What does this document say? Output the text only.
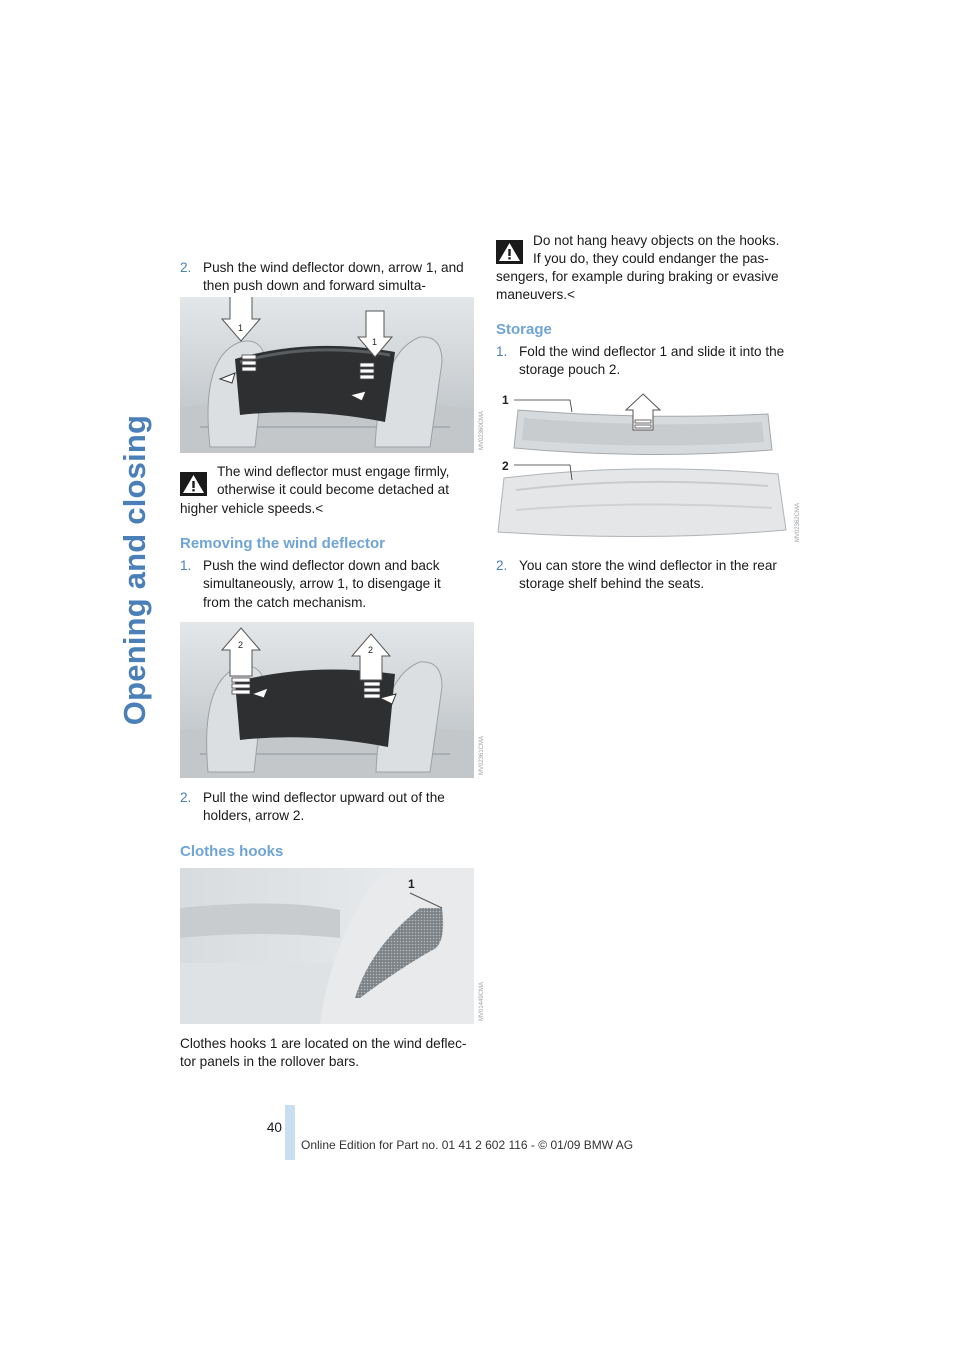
Opening and closing
2. Push the wind deflector down, arrow 1, and
then push down and forward simulta-
1
1
MV02360CMA
The wind deflector must engage firmly,
otherwise it could become detached at
higher vehicle speeds.<
Removing the wind deflector
1. Push the wind deflector down and back
simultaneously, arrow 1, to disengage it
from the catch mechanism.
2	2
MV02361CMA
2. Pull the wind deflector upward out of the
holders, arrow 2.
Clothes hooks
1
MV01449CMA
Clothes hooks 1 are located on the wind deflec-
tor panels in the rollover bars.
Do not hang heavy objects on the hooks.
If you do, they could endanger the pas-
sengers, for example during braking or evasive
maneuvers.<
Storage
1. Fold the wind deflector 1 and slide it into the
storage pouch 2.
1
2
MV02362CMA
2. You can store the wind deflector in the rear
storage shelf behind the seats.
40
Online Edition for Part no. 01 41 2 602 116 - © 01/09 BMW AG
